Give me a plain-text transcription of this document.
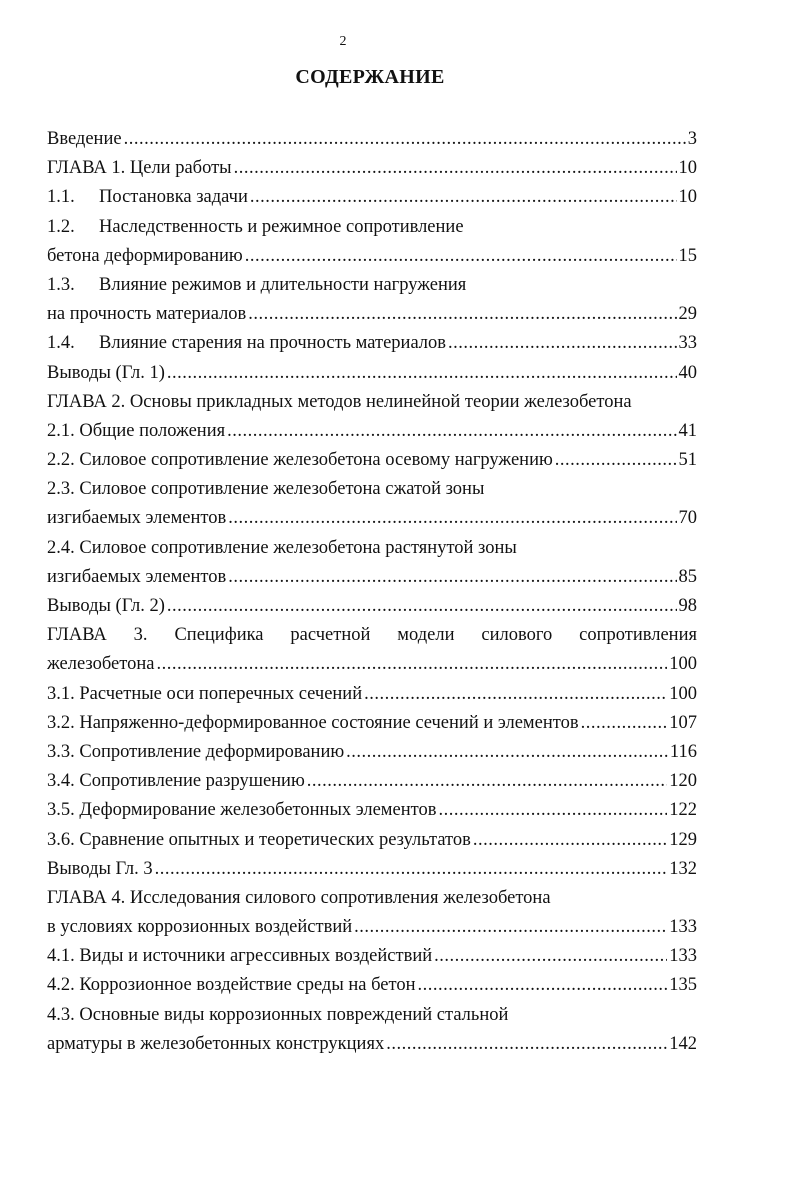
2
СОДЕРЖАНИЕ
Введение .....	3
ГЛАВА 1. Цели работы .....	10
1.1. Постановка задачи .....	10
1.2. Наследственность и режимное сопротивление
бетона деформированию .....	15
1.3. Влияние режимов и длительности нагружения
на прочность материалов .....	29
1.4. Влияние старения на прочность материалов .....	33
Выводы (Гл. 1) .....	40
ГЛАВА 2. Основы прикладных методов нелинейной теории железобетона
2.1. Общие положения .....	41
2.2. Силовое сопротивление железобетона осевому нагружению .....	51
2.3. Силовое сопротивление железобетона сжатой зоны
изгибаемых элементов .....	70
2.4. Силовое сопротивление железобетона растянутой зоны
изгибаемых элементов .....	85
Выводы (Гл. 2) .....	98
ГЛАВА 3. Специфика расчетной модели силового сопротивления
железобетона .....	100
3.1. Расчетные оси поперечных сечений .....	100
3.2. Напряженно-деформированное состояние сечений и элементов .....	107
3.3. Сопротивление деформированию .....	116
3.4. Сопротивление разрушению .....	120
3.5. Деформирование железобетонных элементов .....	122
3.6. Сравнение опытных и теоретических результатов .....	129
Выводы Гл. 3 .....	132
ГЛАВА 4. Исследования силового сопротивления железобетона
в условиях коррозионных воздействий .....	133
4.1. Виды и источники агрессивных воздействий .....	133
4.2. Коррозионное воздействие среды на бетон .....	135
4.3. Основные виды коррозионных повреждений стальной
арматуры в железобетонных конструкциях .....	142
